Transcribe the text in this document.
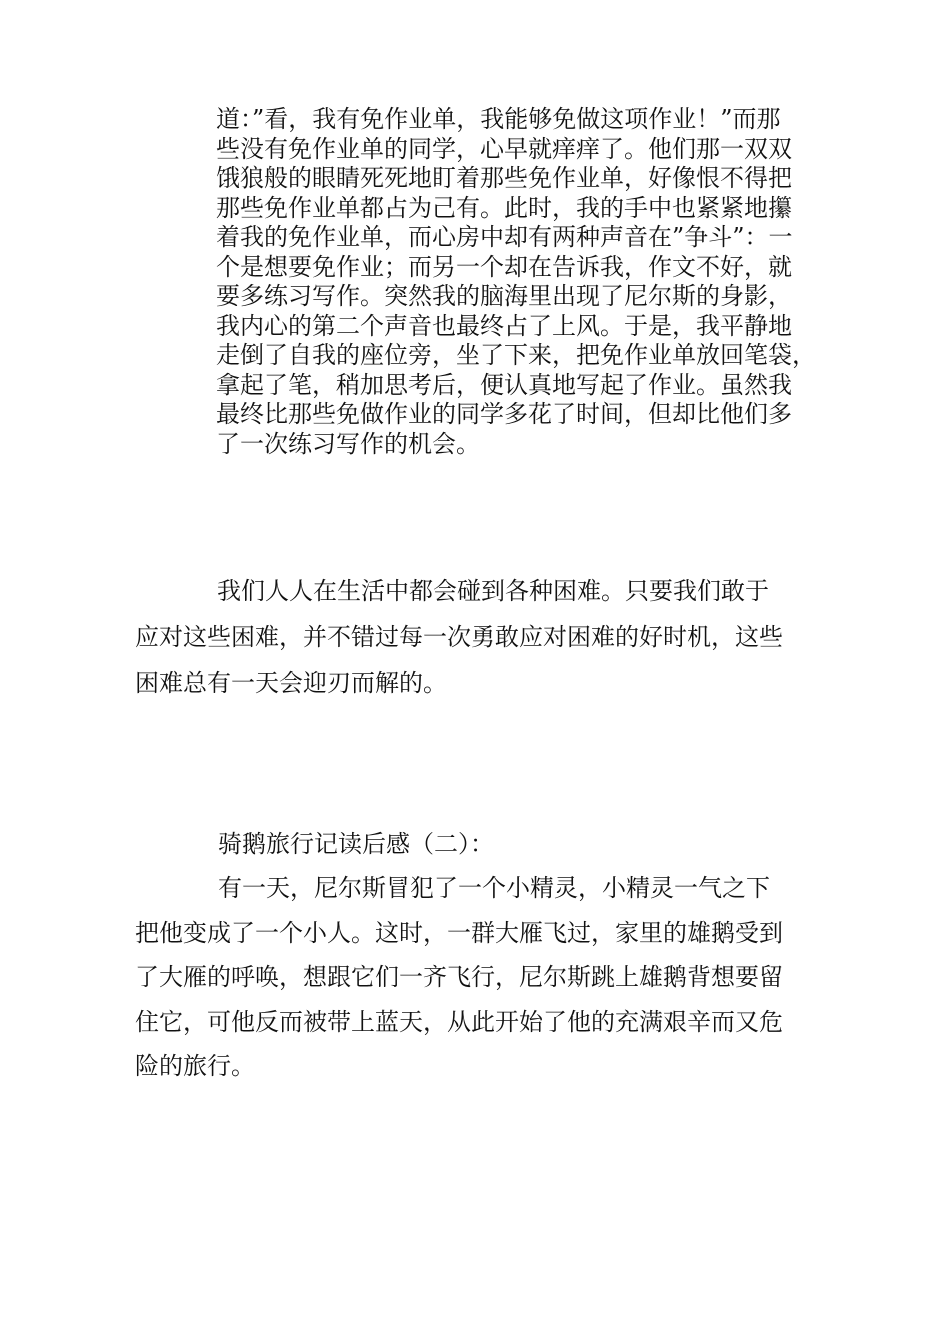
道：”看，我有免作业单，我能够免做这项作业！”而那
些没有免作业单的同学，心早就痒痒了。他们那一双双
饿狼般的眼睛死死地盯着那些免作业单，好像恨不得把
那些免作业单都占为己有。此时，我的手中也紧紧地攥
着我的免作业单，而心房中却有两种声音在”争斗”：一
个是想要免作业；而另一个却在告诉我，作文不好，就
要多练习写作。突然我的脑海里出现了尼尔斯的身影，
我内心的第二个声音也最终占了上风。于是，我平静地
走倒了自我的座位旁，坐了下来，把免作业单放回笔袋，
拿起了笔，稍加思考后，便认真地写起了作业。虽然我
最终比那些免做作业的同学多花了时间，但却比他们多
了一次练习写作的机会。
我们人人在生活中都会碰到各种困难。只要我们敢于
应对这些困难，并不错过每一次勇敢应对困难的好时机，这些
困难总有一天会迎刃而解的。
骑鹅旅行记读后感（二）：
有一天，尼尔斯冒犯了一个小精灵，小精灵一气之下
把他变成了一个小人。这时，一群大雁飞过，家里的雄鹅受到
了大雁的呼唤，想跟它们一齐飞行，尼尔斯跳上雄鹅背想要留
住它，可他反而被带上蓝天，从此开始了他的充满艰辛而又危
险的旅行。
